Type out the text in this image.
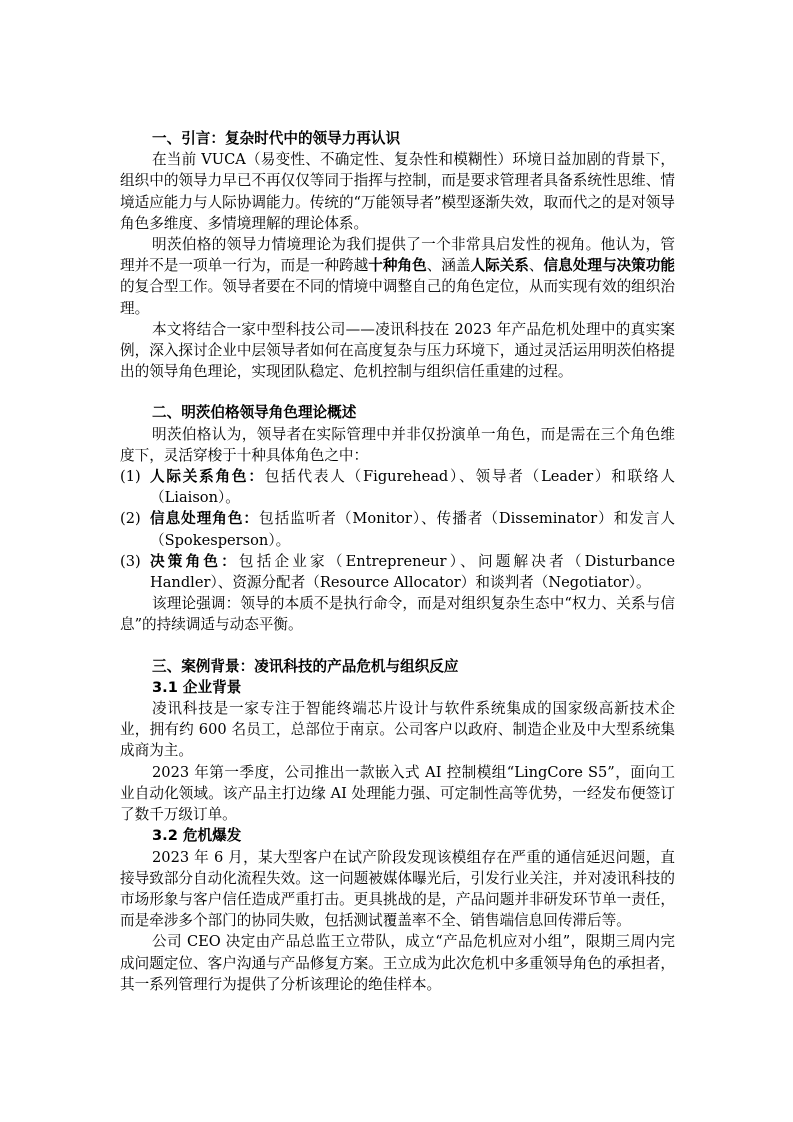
一、引言：复杂时代中的领导力再认识

在当前 VUCA（易变性、不确定性、复杂性和模糊性）环境日益加剧的背景下，组织中的领导力早已不再仅仅等同于指挥与控制，而是要求管理者具备系统性思维、情境适应能力与人际协调能力。传统的“万能领导者”模型逐渐失效，取而代之的是对领导角色多维度、多情境理解的理论体系。

明茨伯格的领导力情境理论为我们提供了一个非常具启发性的视角。他认为，管理并不是一项单一行为，而是一种跨越十种角色、涵盖人际关系、信息处理与决策功能的复合型工作。领导者要在不同的情境中调整自己的角色定位，从而实现有效的组织治理。

本文将结合一家中型科技公司——凌讯科技在 2023 年产品危机处理中的真实案例，深入探讨企业中层领导者如何在高度复杂与压力环境下，通过灵活运用明茨伯格提出的领导角色理论，实现团队稳定、危机控制与组织信任重建的过程。

二、明茨伯格领导角色理论概述

明茨伯格认为，领导者在实际管理中并非仅扮演单一角色，而是需在三个角色维度下，灵活穿梭于十种具体角色之中：

(1) 人际关系角色：包括代表人（Figurehead）、领导者（Leader）和联络人（Liaison）。
(2) 信息处理角色：包括监听者（Monitor）、传播者（Disseminator）和发言人（Spokesperson）。
(3) 决策角色：包括企业家（Entrepreneur）、问题解决者（Disturbance Handler）、资源分配者（Resource Allocator）和谈判者（Negotiator）。

该理论强调：领导的本质不是执行命令，而是对组织复杂生态中“权力、关系与信息”的持续调适与动态平衡。

三、案例背景：凌讯科技的产品危机与组织反应
3.1 企业背景

凌讯科技是一家专注于智能终端芯片设计与软件系统集成的国家级高新技术企业，拥有约 600 名员工，总部位于南京。公司客户以政府、制造企业及中大型系统集成商为主。

2023 年第一季度，公司推出一款嵌入式 AI 控制模组“LingCore S5”，面向工业自动化领域。该产品主打边缘 AI 处理能力强、可定制性高等优势，一经发布便签订了数千万级订单。

3.2 危机爆发

2023 年 6 月，某大型客户在试产阶段发现该模组存在严重的通信延迟问题，直接导致部分自动化流程失效。这一问题被媒体曝光后，引发行业关注，并对凌讯科技的市场形象与客户信任造成严重打击。更具挑战的是，产品问题并非研发环节单一责任，而是牵涉多个部门的协同失败，包括测试覆盖率不全、销售端信息回传滞后等。

公司 CEO 决定由产品总监王立带队，成立“产品危机应对小组”，限期三周内完成问题定位、客户沟通与产品修复方案。王立成为此次危机中多重领导角色的承担者，其一系列管理行为提供了分析该理论的绝佳样本。
